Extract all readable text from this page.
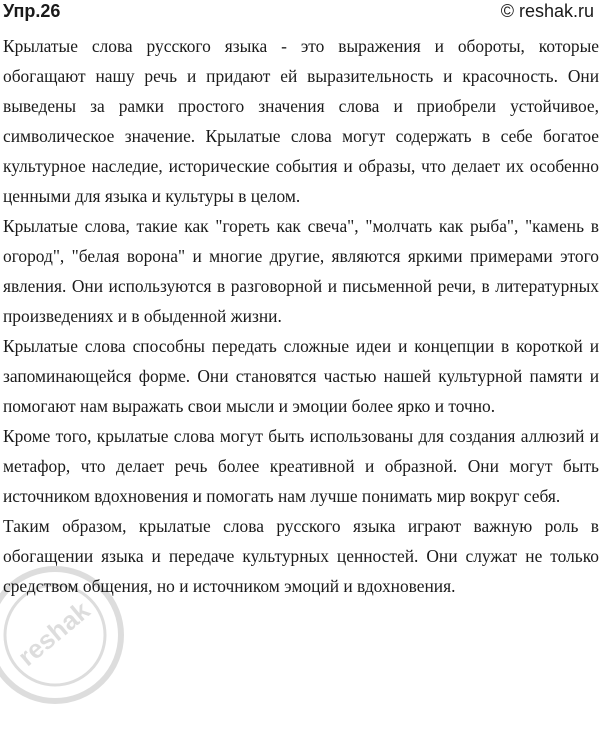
Упр.26	© reshak.ru

Крылатые слова русского языка - это выражения и обороты, которые обогащают нашу речь и придают ей выразительность и красочность. Они выведены за рамки простого значения слова и приобрели устойчивое, символическое значение. Крылатые слова могут содержать в себе богатое культурное наследие, исторические события и образы, что делает их особенно ценными для языка и культуры в целом.

Крылатые слова, такие как "гореть как свеча", "молчать как рыба", "камень в огород", "белая ворона" и многие другие, являются яркими примерами этого явления. Они используются в разговорной и письменной речи, в литературных произведениях и в обыденной жизни.

Крылатые слова способны передать сложные идеи и концепции в короткой и запоминающейся форме. Они становятся частью нашей культурной памяти и помогают нам выражать свои мысли и эмоции более ярко и точно.

Кроме того, крылатые слова могут быть использованы для создания аллюзий и метафор, что делает речь более креативной и образной. Они могут быть источником вдохновения и помогать нам лучше понимать мир вокруг себя.

Таким образом, крылатые слова русского языка играют важную роль в обогащении языка и передаче культурных ценностей. Они служат не только средством общения, но и источником эмоций и вдохновения.

reshak
